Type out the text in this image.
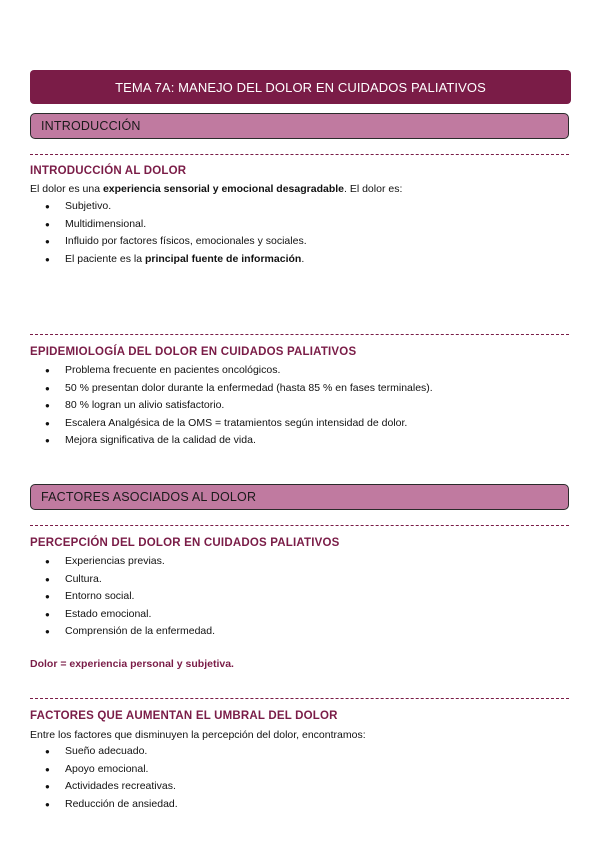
TEMA 7A: MANEJO DEL DOLOR EN CUIDADOS PALIATIVOS
INTRODUCCIÓN
INTRODUCCIÓN AL DOLOR
El dolor es una experiencia sensorial y emocional desagradable. El dolor es:
● Subjetivo.
● Multidimensional.
● Influido por factores físicos, emocionales y sociales.
● El paciente es la principal fuente de información.
EPIDEMIOLOGÍA DEL DOLOR EN CUIDADOS PALIATIVOS
● Problema frecuente en pacientes oncológicos.
● 50 % presentan dolor durante la enfermedad (hasta 85 % en fases terminales).
● 80 % logran un alivio satisfactorio.
● Escalera Analgésica de la OMS = tratamientos según intensidad de dolor.
● Mejora significativa de la calidad de vida.
FACTORES ASOCIADOS AL DOLOR
PERCEPCIÓN DEL DOLOR EN CUIDADOS PALIATIVOS
● Experiencias previas.
● Cultura.
● Entorno social.
● Estado emocional.
● Comprensión de la enfermedad.
Dolor = experiencia personal y subjetiva.
FACTORES QUE AUMENTAN EL UMBRAL DEL DOLOR
Entre los factores que disminuyen la percepción del dolor, encontramos:
● Sueño adecuado.
● Apoyo emocional.
● Actividades recreativas.
● Reducción de ansiedad.
